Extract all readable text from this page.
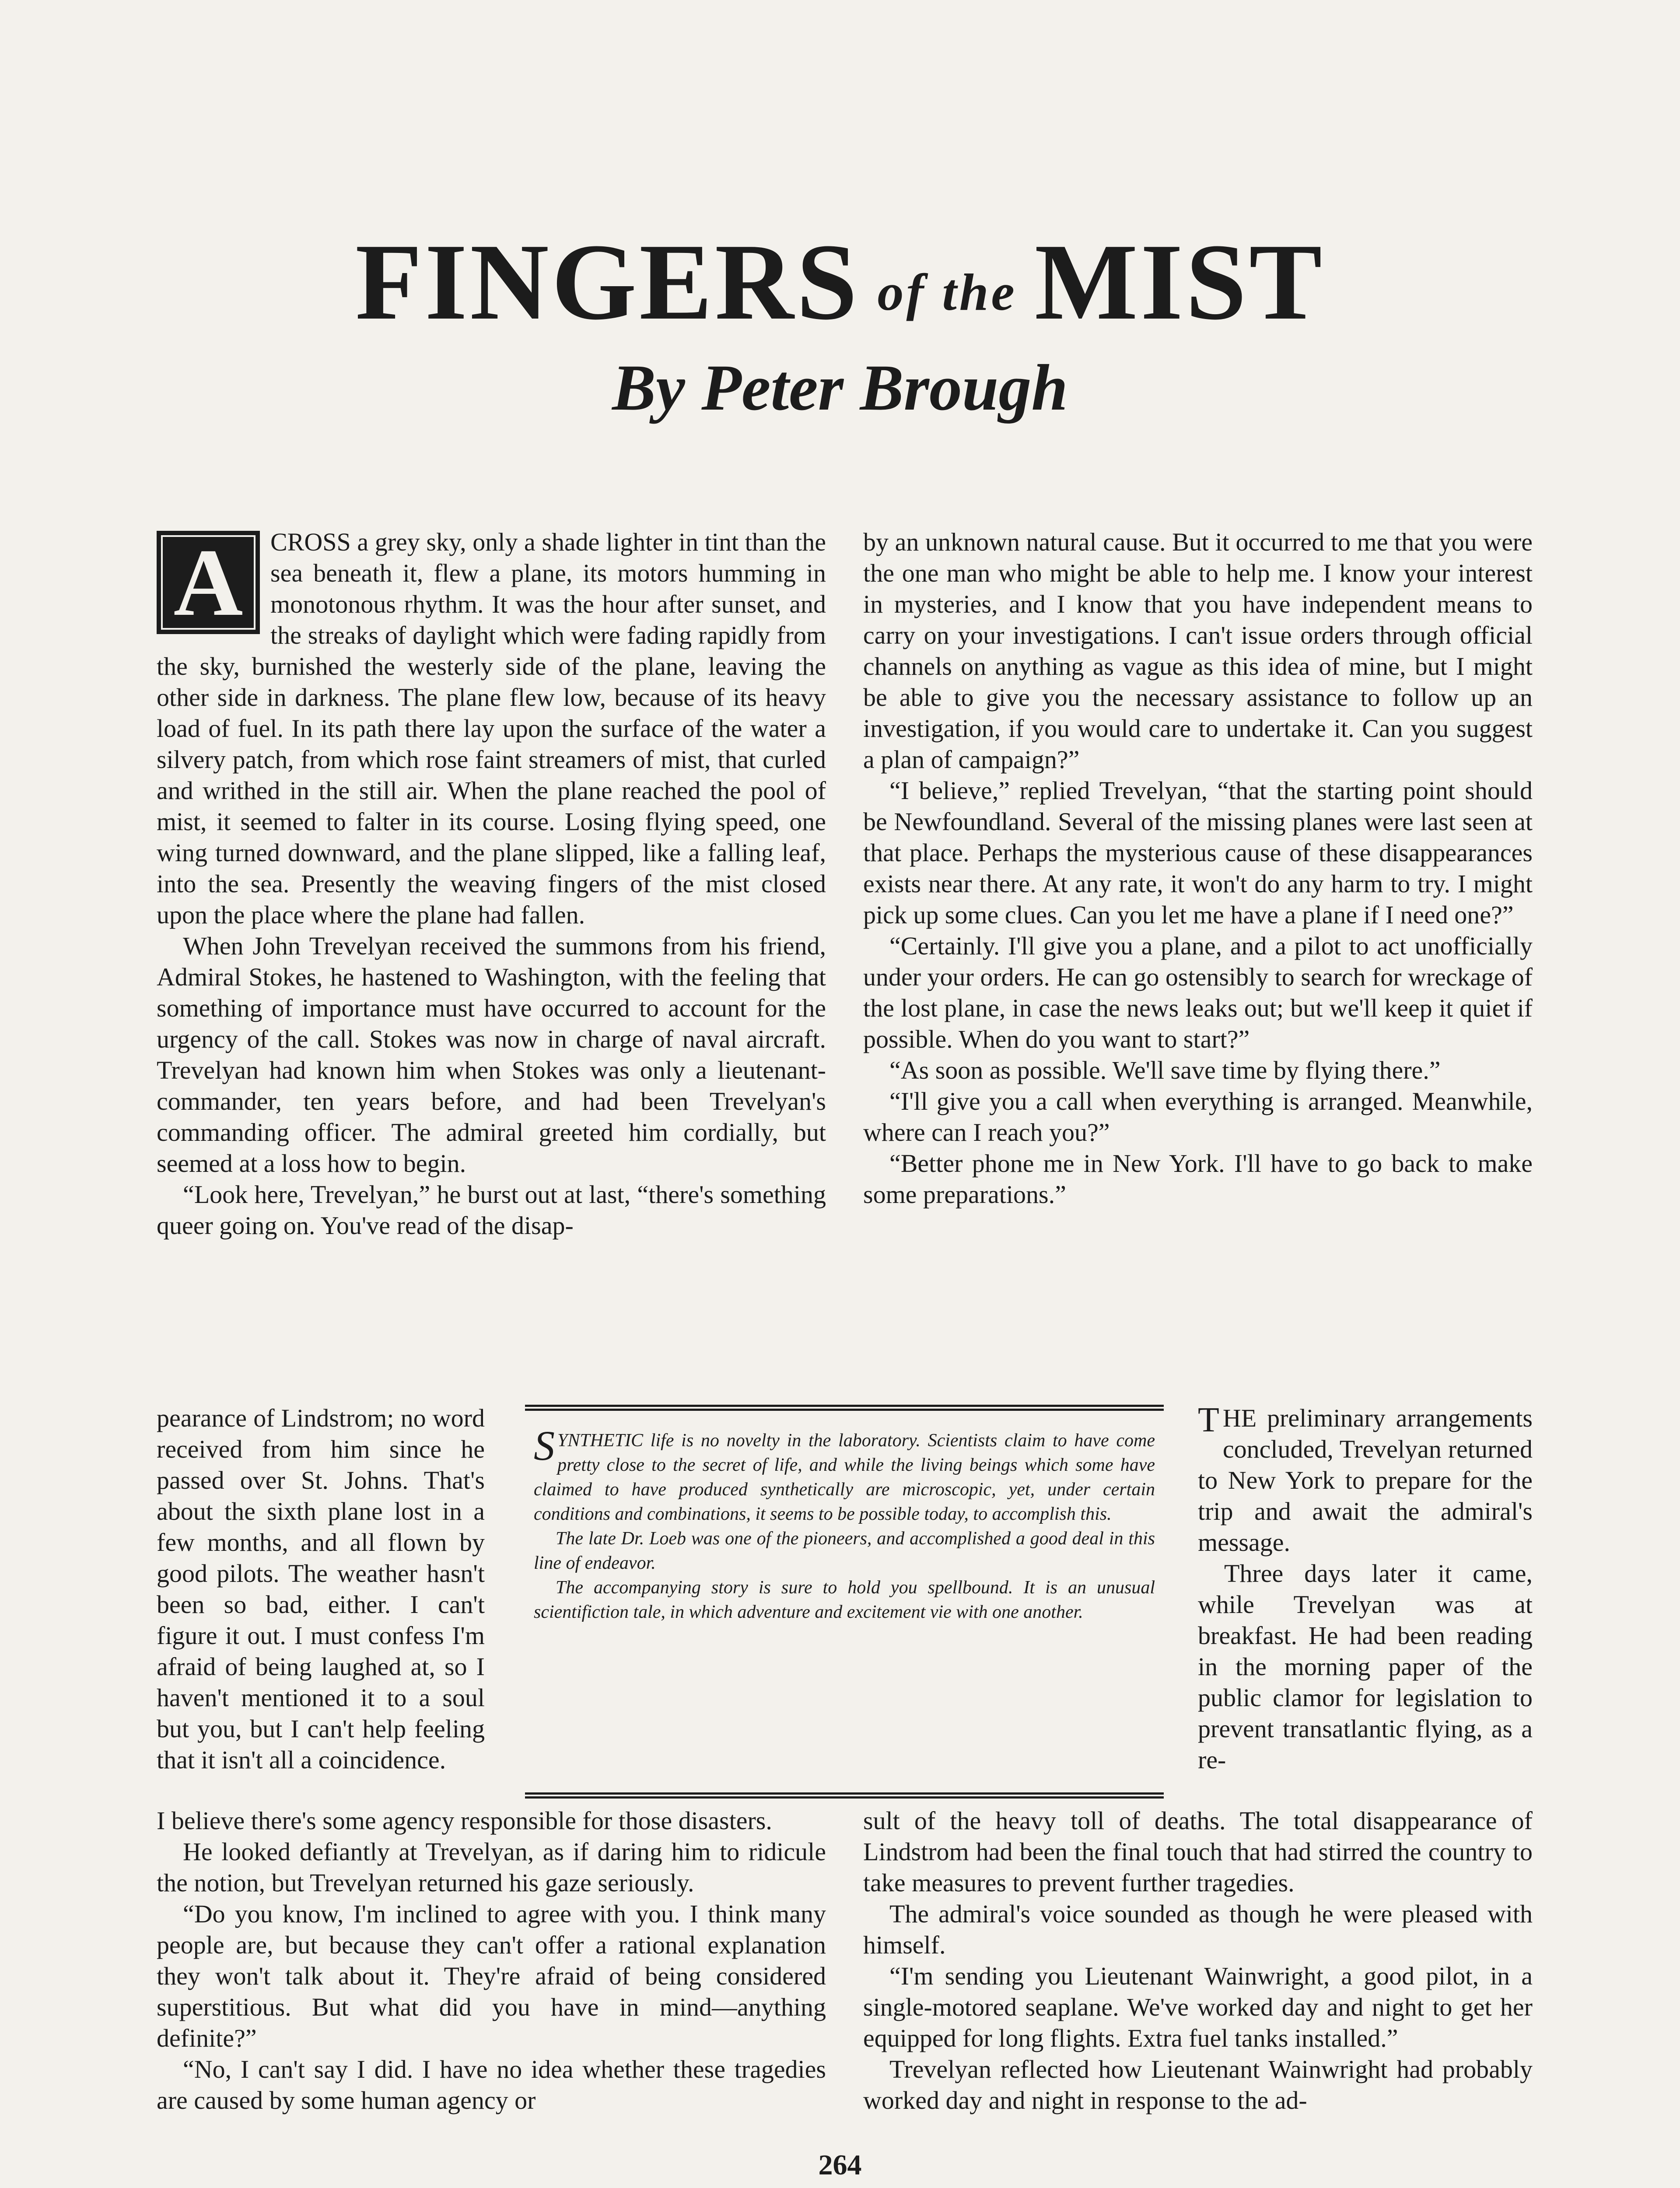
FINGERS of the MIST
By Peter Brough

A	CROSS a grey sky, only a shade lighter in tint than the sea beneath it, flew a plane, its motors humming in monotonous rhythm. It was the hour after sunset, and the streaks of daylight which were fading rapidly from the sky, burnished the westerly side of the plane, leaving the other side in darkness. The plane flew low, because of its heavy load of fuel. In its path there lay upon the surface of the water a silvery patch, from which rose faint streamers of mist, that curled and writhed in the still air. When the plane reached the pool of mist, it seemed to falter in its course. Losing flying speed, one wing turned downward, and the plane slipped, like a falling leaf, into the sea. Presently the weaving fingers of the mist closed upon the place where the plane had fallen.

When John Trevelyan received the summons from his friend, Admiral Stokes, he hastened to Washington, with the feeling that something of importance must have occurred to account for the urgency of the call. Stokes was now in charge of naval aircraft. Trevelyan had known him when Stokes was only a lieutenant-commander, ten years before, and had been Trevelyan's commanding officer. The admiral greeted him cordially, but seemed at a loss how to begin.

“Look here, Trevelyan,” he burst out at last, “there's something queer going on. You've read of the disap-

by an unknown natural cause. But it occurred to me that you were the one man who might be able to help me. I know your interest in mysteries, and I know that you have independent means to carry on your investigations. I can't issue orders through official channels on anything as vague as this idea of mine, but I might be able to give you the necessary assistance to follow up an investigation, if you would care to undertake it. Can you suggest a plan of campaign?”

“I believe,” replied Trevelyan, “that the starting point should be Newfoundland. Several of the missing planes were last seen at that place. Perhaps the mysterious cause of these disappearances exists near there. At any rate, it won't do any harm to try. I might pick up some clues. Can you let me have a plane if I need one?”

“Certainly. I'll give you a plane, and a pilot to act unofficially under your orders. He can go ostensibly to search for wreckage of the lost plane, in case the news leaks out; but we'll keep it quiet if possible. When do you want to start?”

“As soon as possible. We'll save time by flying there.”

“I'll give you a call when everything is arranged. Meanwhile, where can I reach you?”

“Better phone me in New York. I'll have to go back to make some preparations.”

pearance of Lindstrom; no word received from him since he passed over St. Johns. That's about the sixth plane lost in a few months, and all flown by good pilots. The weather hasn't been so bad, either. I can't figure it out. I must confess I'm afraid of being laughed at, so I haven't mentioned it to a soul but you, but I can't help feeling that it isn't all a coincidence.

SYNTHETIC life is no novelty in the laboratory. Scientists claim to have come pretty close to the secret of life, and while the living beings which some have claimed to have produced synthetically are microscopic, yet, under certain conditions and combinations, it seems to be possible today, to accomplish this.

The late Dr. Loeb was one of the pioneers, and accomplished a good deal in this line of endeavor.

The accompanying story is sure to hold you spellbound. It is an unusual scientifiction tale, in which adventure and excitement vie with one another.

T HE preliminary arrangements concluded, Trevelyan returned to New York to prepare for the trip and await the admiral's message.

Three days later it came, while Trevelyan was at breakfast. He had been reading in the morning paper of the public clamor for legislation to prevent transatlantic flying, as a re-

I believe there's some agency responsible for those disasters.

He looked defiantly at Trevelyan, as if daring him to ridicule the notion, but Trevelyan returned his gaze seriously.

“Do you know, I'm inclined to agree with you. I think many people are, but because they can't offer a rational explanation they won't talk about it. They're afraid of being considered superstitious. But what did you have in mind—anything definite?”

“No, I can't say I did. I have no idea whether these tragedies are caused by some human agency or

sult of the heavy toll of deaths. The total disappearance of Lindstrom had been the final touch that had stirred the country to take measures to prevent further tragedies.

The admiral's voice sounded as though he were pleased with himself.

“I'm sending you Lieutenant Wainwright, a good pilot, in a single-motored seaplane. We've worked day and night to get her equipped for long flights. Extra fuel tanks installed.”

Trevelyan reflected how Lieutenant Wainwright had probably worked day and night in response to the ad-

264
